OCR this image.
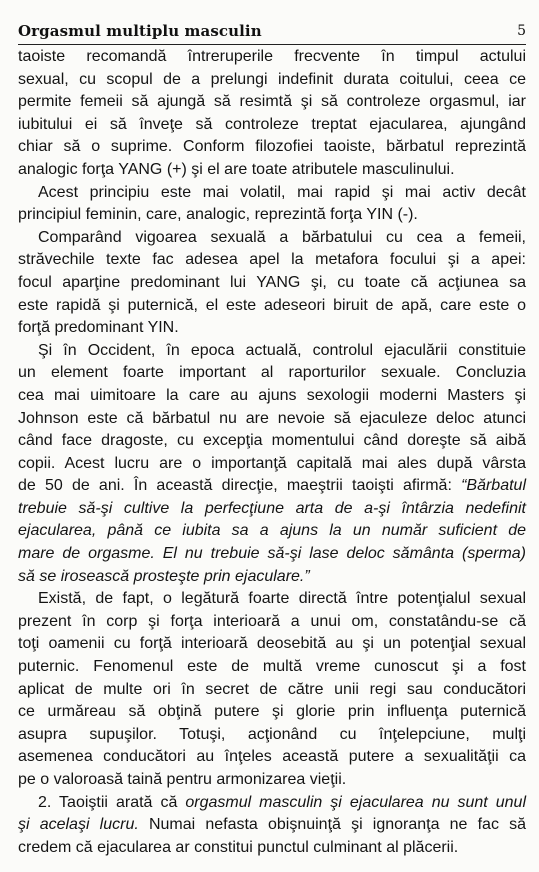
Orgasmul multiplu masculin	5
taoiste recomandă întreruperile frecvente în timpul actului
sexual, cu scopul de a prelungi indefinit durata coitului, ceea ce
permite femeii să ajungă să resimtă şi să controleze orgasmul, iar
iubitului ei să înveţe să controleze treptat ejacularea, ajungând
chiar să o suprime. Conform filozofiei taoiste, bărbatul reprezintă
analogic forţa YANG (+) şi el are toate atributele masculinului.
Acest principiu este mai volatil, mai rapid şi mai activ decât
principiul feminin, care, analogic, reprezintă forţa YIN (-).
Comparând vigoarea sexuală a bărbatului cu cea a femeii,
străvechile texte fac adesea apel la metafora focului şi a apei:
focul aparţine predominant lui YANG şi, cu toate că acţiunea sa
este rapidă şi puternică, el este adeseori biruit de apă, care este o
forţă predominant YIN.
Şi în Occident, în epoca actuală, controlul ejaculării constituie
un element foarte important al raporturilor sexuale. Concluzia
cea mai uimitoare la care au ajuns sexologii moderni Masters şi
Johnson este că bărbatul nu are nevoie să ejaculeze deloc atunci
când face dragoste, cu excepţia momentului când doreşte să aibă
copii. Acest lucru are o importanţă capitală mai ales după vârsta
de 50 de ani. În această direcţie, maeştrii taoişti afirmă: “Bărbatul
trebuie să-şi cultive la perfecţiune arta de a-şi întârzia nedefinit
ejacularea, până ce iubita sa a ajuns la un număr suficient de
mare de orgasme. El nu trebuie să-şi lase deloc sământa (sperma)
să se irosească prosteşte prin ejaculare.”
Există, de fapt, o legătură foarte directă între potenţialul sexual
prezent în corp şi forţa interioară a unui om, constatându-se că
toţi oamenii cu forţă interioară deosebită au şi un potenţial sexual
puternic. Fenomenul este de multă vreme cunoscut şi a fost
aplicat de multe ori în secret de către unii regi sau conducători
ce urmăreau să obţină putere şi glorie prin influenţa puternică
asupra supuşilor. Totuşi, acţionând cu înţelepciune, mulţi
asemenea conducători au înţeles această putere a sexualităţii ca
pe o valoroasă taină pentru armonizarea vieţii.
2. Taoiştii arată că orgasmul masculin şi ejacularea nu sunt unul
şi acelaşi lucru. Numai nefasta obişnuinţă şi ignoranţa ne fac să
credem că ejacularea ar constitui punctul culminant al plăcerii.
